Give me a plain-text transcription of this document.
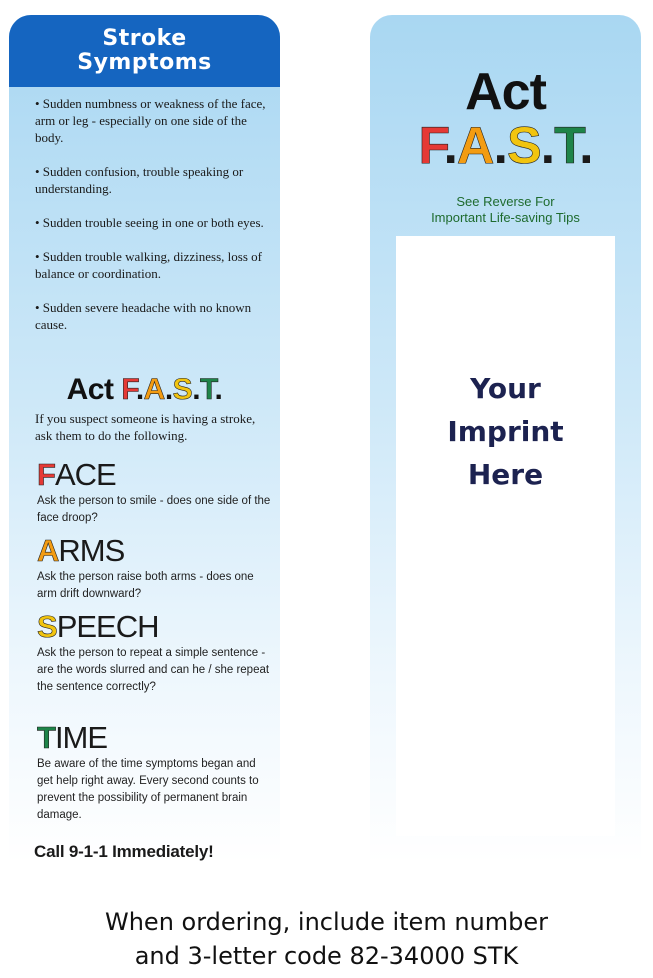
Stroke
Symptoms

• Sudden numbness or weakness of the face, arm or leg - especially on one side of the body.

• Sudden confusion, trouble speaking or understanding.

• Sudden trouble seeing in one or both eyes.

• Sudden trouble walking, dizziness, loss of balance or coordination.

• Sudden severe headache with no known cause.

Act F.A.S.T.

If you suspect someone is having a stroke, ask them to do the following.

FACE

Ask the person to smile - does one side of the face droop?

ARMS

Ask the person raise both arms - does one arm drift downward?

SPEECH

Ask the person to repeat a simple sentence - are the words slurred and can he / she repeat the sentence correctly?

TIME

Be aware of the time symptoms began and get help right away. Every second counts to prevent the possibility of permanent brain damage.

Call 9-1-1 Immediately!
Act
F.A.S.T.
See Reverse For
Important Life-saving Tips
Your
Imprint
Here
When ordering, include item number
and 3-letter code 82-34000 STK
